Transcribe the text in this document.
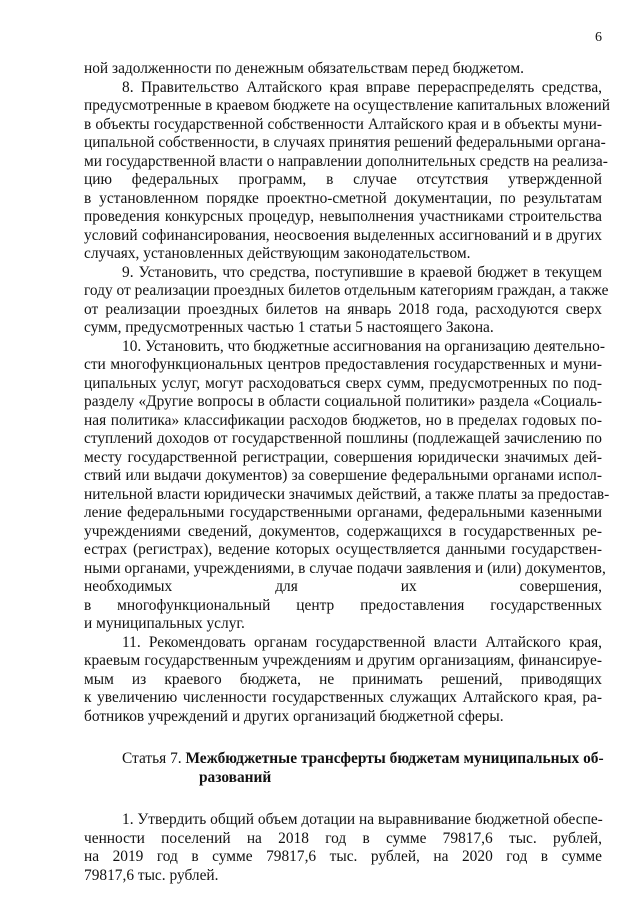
6
ной задолженности по денежным обязательствам перед бюджетом.
8. Правительство Алтайского края вправе перераспределять средства,
предусмотренные в краевом бюджете на осуществление капитальных вложений
в объекты государственной собственности Алтайского края и в объекты муни-
ципальной собственности, в случаях принятия решений федеральными органа-
ми государственной власти о направлении дополнительных средств на реализа-
цию федеральных программ, в случае отсутствия утвержденной
в установленном порядке проектно-сметной документации, по результатам
проведения конкурсных процедур, невыполнения участниками строительства
условий софинансирования, неосвоения выделенных ассигнований и в других
случаях, установленных действующим законодательством.
9. Установить, что средства, поступившие в краевой бюджет в текущем
году от реализации проездных билетов отдельным категориям граждан, а также
от реализации проездных билетов на январь 2018 года, расходуются сверх
сумм, предусмотренных частью 1 статьи 5 настоящего Закона.
10. Установить, что бюджетные ассигнования на организацию деятельно-
сти многофункциональных центров предоставления государственных и муни-
ципальных услуг, могут расходоваться сверх сумм, предусмотренных по под-
разделу «Другие вопросы в области социальной политики» раздела «Социаль-
ная политика» классификации расходов бюджетов, но в пределах годовых по-
ступлений доходов от государственной пошлины (подлежащей зачислению по
месту государственной регистрации, совершения юридически значимых дей-
ствий или выдачи документов) за совершение федеральными органами испол-
нительной власти юридически значимых действий, а также платы за предостав-
ление федеральными государственными органами, федеральными казенными
учреждениями сведений, документов, содержащихся в государственных ре-
естрах (регистрах), ведение которых осуществляется данными государствен-
ными органами, учреждениями, в случае подачи заявления и (или) документов,
необходимых для их совершения,
в многофункциональный центр предоставления государственных
и муниципальных услуг.
11. Рекомендовать органам государственной власти Алтайского края,
краевым государственным учреждениям и другим организациям, финансируе-
мым из краевого бюджета, не принимать решений, приводящих
к увеличению численности государственных служащих Алтайского края, ра-
ботников учреждений и других организаций бюджетной сферы.
Статья 7. Межбюджетные трансферты бюджетам муниципальных об-
разований
1. Утвердить общий объем дотации на выравнивание бюджетной обеспе-
ченности поселений на 2018 год в сумме 79817,6 тыс. рублей,
на 2019 год в сумме 79817,6 тыс. рублей, на 2020 год в сумме
79817,6 тыс. рублей.
